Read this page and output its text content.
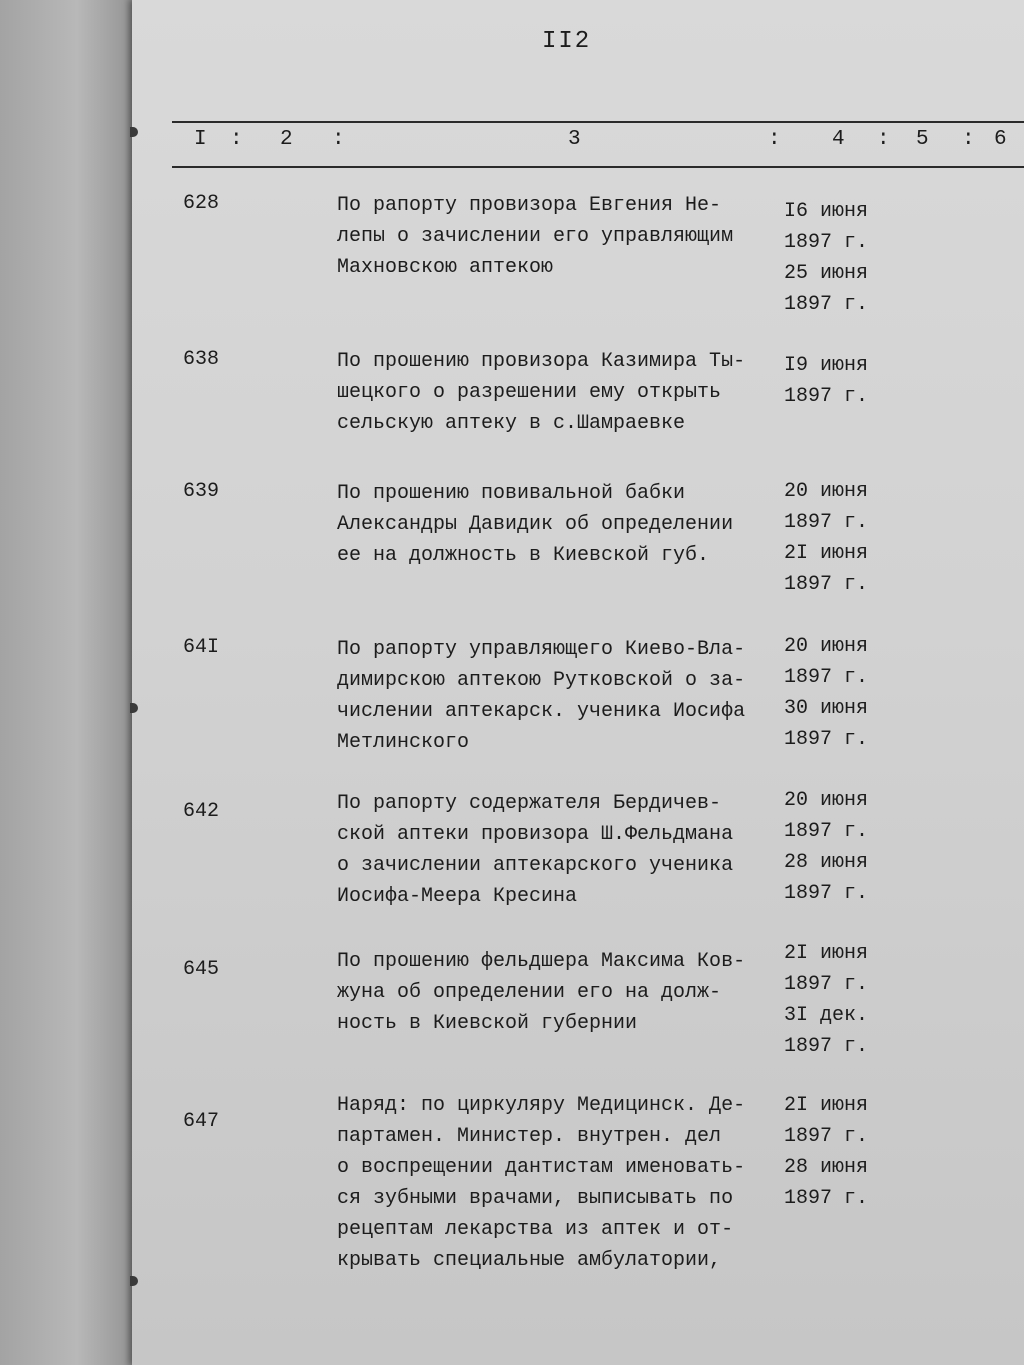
II2
I : 2 :	3	: 4 : 5 : 6
628	По рапорту провизора Евгения Не-
лепы о зачислении его управляющим
Махновскою аптекою
I6 июня
1897 г.
25 июня
1897 г.
638	По прошению провизора Казимира Ты-
шецкого о разрешении ему открыть
сельскую аптеку в с.Шамраевке
I9 июня
1897 г.
639	По прошению повивальной бабки
Александры Давидик об определении
ее на должность в Киевской губ.
20 июня
1897 г.
2I июня
1897 г.
64I	По рапорту управляющего Киево-Вла-
димирскою аптекою Рутковской о за-
числении аптекарск. ученика Иосифа
Метлинского
20 июня
1897 г.
30 июня
1897 г.
642	По рапорту содержателя Бердичев-
ской аптеки провизора Ш.Фельдмана
о зачислении аптекарского ученика
Иосифа-Меера Кресина
20 июня
1897 г.
28 июня
1897 г.
645	По прошению фельдшера Максима Ков-
жуна об определении его на долж-
ность в Киевской губернии
2I июня
1897 г.
3I дек.
1897 г.
647
Наряд: по циркуляру Медицинск. Де-
партамен. Министер. внутрен. дел
о воспрещении дантистам именовать-
ся зубными врачами, выписывать по
рецептам лекарства из аптек и от-
крывать специальные амбулатории,
2I июня
1897 г.
28 июня
1897 г.
